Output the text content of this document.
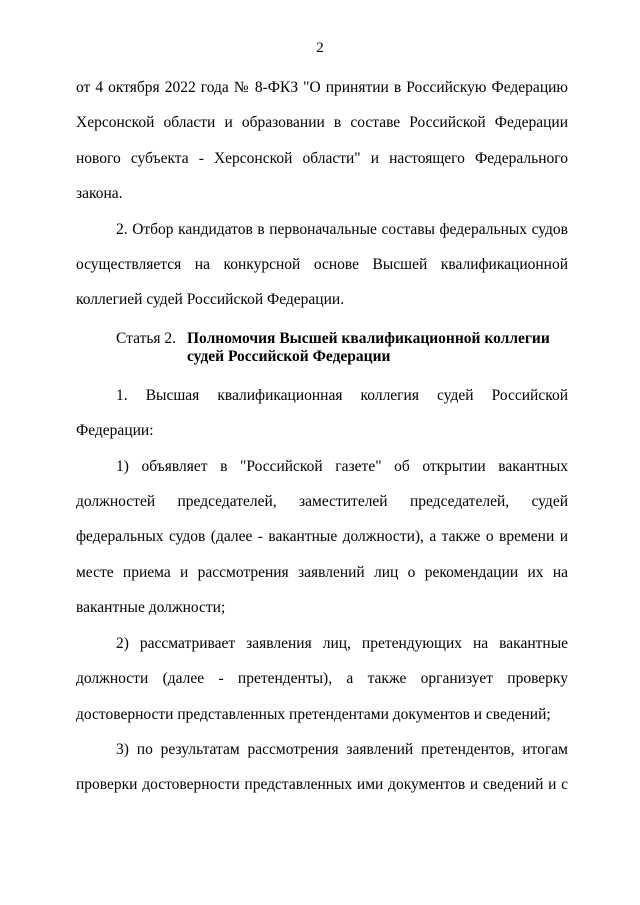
2

от 4 октября 2022 года № 8-ФКЗ "О принятии в Российскую Федерацию Херсонской области и образовании в составе Российской Федерации нового субъекта - Херсонской области" и настоящего Федерального закона.

2. Отбор кандидатов в первоначальные составы федеральных судов осуществляется на конкурсной основе Высшей квалификационной коллегией судей Российской Федерации.

Статья 2. Полномочия Высшей квалификационной коллегии судей Российской Федерации

1. Высшая квалификационная коллегия судей Российской Федерации:

1) объявляет в "Российской газете" об открытии вакантных должностей председателей, заместителей председателей, судей федеральных судов (далее - вакантные должности), а также о времени и месте приема и рассмотрения заявлений лиц о рекомендации их на вакантные должности;

2) рассматривает заявления лиц, претендующих на вакантные должности (далее - претенденты), а также организует проверку достоверности представленных претендентами документов и сведений;

3) по результатам рассмотрения заявлений претендентов, итогам проверки достоверности представленных ими документов и сведений и с
